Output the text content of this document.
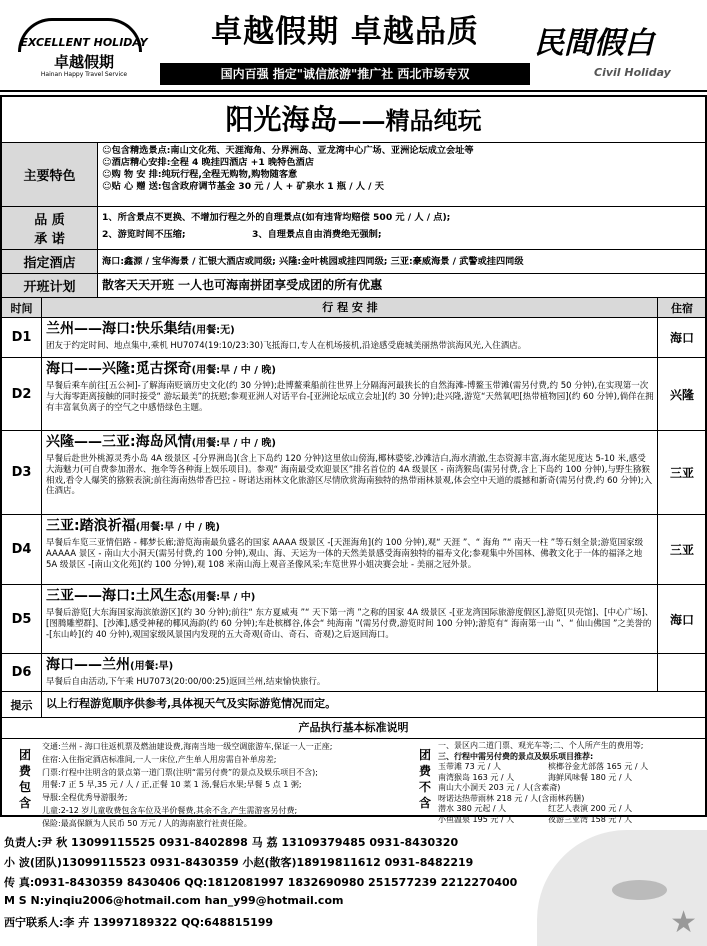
EXCELLENT HOLIDAY
卓越假期
Hainan Happy Travel Service
卓越假期 卓越品质
国内百强 指定"诚信旅游"推广社 西北市场专双
民間假白
Civil Holiday
阳光海岛——精品纯玩
主要特色
☺包含精选景点:南山文化苑、天涯海角、分界洲岛、亚龙湾中心广场、亚洲论坛成立会址等
☺酒店精心安排:全程 4 晚挂四酒店 +1 晚特色酒店
☺购 物 安 排:纯玩行程,全程无购物,购物随客意
☺贴 心 赠 送:包含政府调节基金 30 元 / 人 + 矿泉水 1 瓶 / 人 / 天
品 质
承 诺
1、所含景点不更换、不增加行程之外的自理景点(如有违背均赔偿 500 元 / 人 / 点);
2、游览时间不压缩;	3、自理景点自由消费绝无强制;
指定酒店	海口:鑫源 / 宝华海景 / 汇银大酒店或同级; 兴隆:金叶桃园或挂四同级; 三亚:豪威海景 / 武警或挂四同级
开班计划	散客天天开班 一人也可海南拼团享受成团的所有优惠
时间	行 程 安 排	住宿
D1
兰州——海口:快乐集结(用餐:无)
团友于约定时间、地点集中,乘机 HU7074(19:10/23:30)飞抵海口,专人在机场接机,沿途感受鹿城美丽热带滨海风光,入住酒店。
海口
D2
海口——兴隆:觅古探奇(用餐:早 / 中 / 晚)
早餐后乘车前往[五公祠]-了解海南贬谪历史文化(约 30 分钟);赴博鳌乘船前往世界上分隔海河最狭长的自然海滩-博鳌玉带滩(需另付费,约 50 分钟),在实现第一次与大海零距离接触的同时接受“ 游坛最美”的抚慰;参观亚洲人对话平台-[亚洲论坛成立会址](约 30 分钟);赴兴隆,游览“天然氧吧[热带植物园](约 60 分钟),倘佯在拥有丰富氧负离子的空气之中感悟绿色主题。
兴隆
D3
兴隆——三亚:海岛风情(用餐:早 / 中 / 晚)
早餐后赴世外桃源灵秀小岛 4A 级景区 -[分界洲岛](含上下岛约 120 分钟)这里依山傍海,椰林婆娑,沙滩洁白,海水清澈,生态资源丰富,海水能见度达 5-10 米,感受大海魅力(可自费参加潜水、拖伞等各种海上娱乐项目)。参观“ 海南最受欢迎景区”排名首位的 4A 级景区 - 南湾猴岛(需另付费,含上下岛约 100 分钟),与野生猕猴相戏,看令人爆笑的猕猴表演;前往海南热带香巴拉 - 呀诺达雨林文化旅游区尽情欣赏海南独特的热带雨林景观,体会空中天道的震撼和新奇(需另付费,约 60 分钟);入住酒店。
三亚
D4
三亚:踏浪祈福(用餐:早 / 中 / 晚)
早餐后车览三亚情侣路 - 椰梦长廊;游览海南最负盛名的国家 AAAA 级景区 -[天涯海角](约 100 分钟),观“ 天涯 ”、“ 海角 ”“ 南天一柱 ”等石刻全景;游览国家级 AAAAA 景区 - 南山大小洞天(需另付费,约 100 分钟),观山、海、天运为一体的天然美景感受海南独特的福寿文化;参观集中外国林、佛教文化于一体的福泽之地 5A 级景区 -[南山文化苑](约 100 分钟),观 108 米南山海上观音圣像风采;车览世界小姐决赛会址 - 美丽之冠外景。
三亚
D5
三亚——海口:土风生态(用餐:早 / 中)
早餐后游览[大东海国家海滨旅游区](约 30 分钟);前往“ 东方夏威夷 ”“ 天下第一湾 ”之称的国家 4A 级景区 -[亚龙湾国际旅游度假区],游览[贝壳馆]、[中心广场]、[图腾雕塑群]、[沙滩],感受神秘的椰风海韵(约 60 分钟);车赴槟榔谷,体会“ 纯海南 ”(需另付费,游览时间 100 分钟);游览有“ 海南第一山 ”、“ 仙山佛国 ”之美誉的 -[东山岭](约 40 分钟),观国家级风景国内发现的五大奇观(奇山、奇石、奇观)之后返回海口。
海口
D6	海口——兰州(用餐:早)
早餐后自由活动,下午乘 HU7073(20:00/00:25)返回兰州,结束愉快旅行。
提示	以上行程游览顺序供参考,具体视天气及实际游览情况而定。
产品执行基本标准说明
团 费 包 含
交通:兰州 - 海口往返机票及燃油建设费,海南当地一级空调旅游车,保证一人一正座;
住宿:入住指定酒店标准间,一人一床位,产生单人用房需自补单房差;
门票:行程中注明含的景点第一道门票(注明“需另付费”的景点及娱乐项目不含);
用餐:7 正 5 早,35 元 / 人 / 正,正餐 10 菜 1 汤,餐后水果;早餐 5 点 1 粥;
导服:全程优秀导游服务;
儿童:2-12 岁儿童收费包含车位及半价餐费,其余不含,产生需游客另付费;
保险:最高保额为人民币 50 万元 / 人的海南旅行社责任险。
团 费 不 含
一、景区内二道门票、观光车等;二、个人所产生的费用等;
三、行程中需另付费的景点及娱乐项目推荐:
玉带滩 73 元 / 人	槟榔谷金尤部落 165 元 / 人
南湾猴岛 163 元 / 人	海鲜风味餐 180 元 / 人
南山大小洞天 203 元 / 人(含素斋)
呀诺达热带雨林 218 元 / 人(含雨林药膳)
潜水 380 元起 / 人	红艺人表演 200 元 / 人
小鱼温泉 195 元 / 人	夜游三亚湾 158 元 / 人
★
负责人:尹 秋 13099115525 0931-8402898 马 荔 13109379485 0931-8430320
小 波(团队)13099115523 0931-8430359 小赵(散客)18919811612 0931-8482219
传 真:0931-8430359 8430406 QQ:1812081997 1832690980 251577239 2212270400
M S N:yinqiu2006@hotmail.com han_y99@hotmail.com
西宁联系人:李 卉 13997189322 QQ:648815199
